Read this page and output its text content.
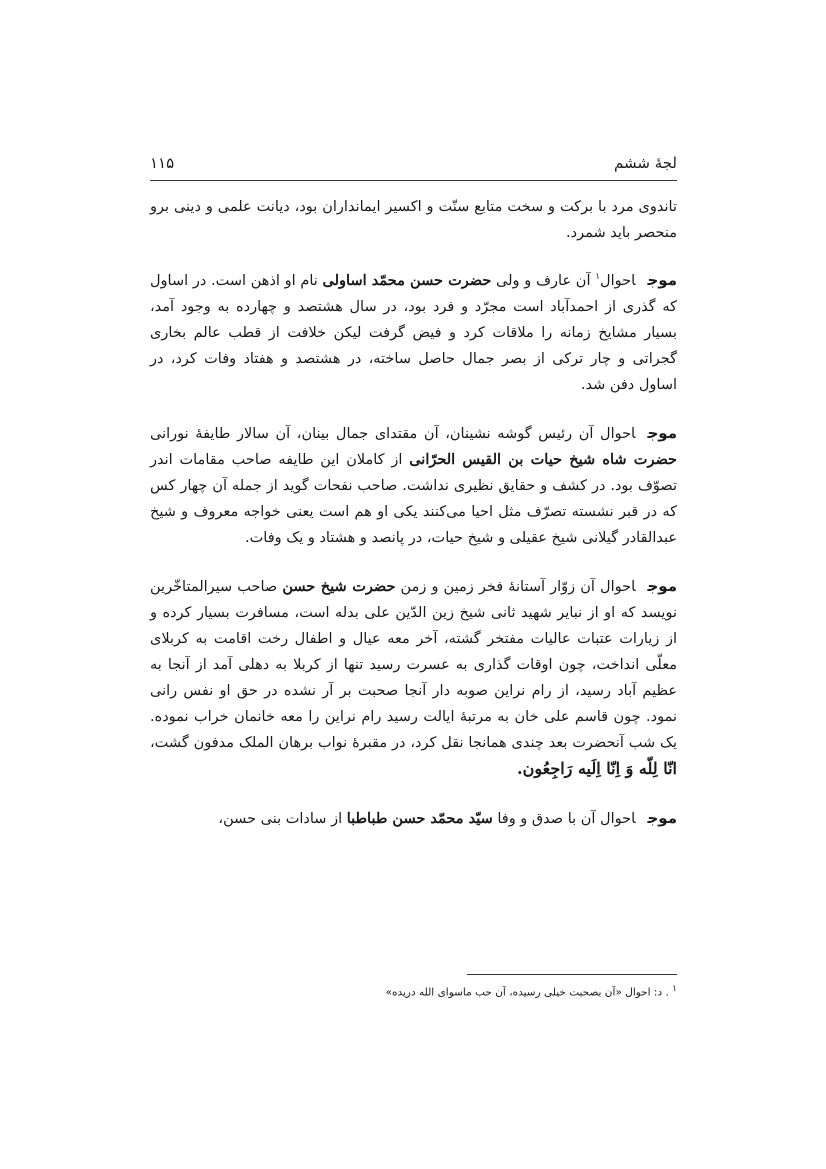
لجهٔ ششم
۱۱۵

تاندوی مرد با برکت و سخت متابع سنّت و اکسیر ایمانداران بود، دیانت علمی و دینی برو منحصر باید شمرد.

موجاحوال$^۱$ آن عارف و ولی حضرت حسن محمّد اساولی نام او اذهن است. در اساول که گذری از احمدآباد است مجرّد و فرد بود، در سال هشتصد و چهارده به وجود آمد، بسیار مشایخ زمانه را ملاقات کرد و فیض گرفت لیکن خلافت از قطب عالم بخاری گجراتی و چار ترکی از بصر جمال حاصل ساخته، در هشتصد و هفتاد وفات کرد، در اساول دفن شد.

موجاحوال آن رئیس گوشه نشینان، آن مقتدای جمال بینان، آن سالار طایفهٔ نورانی حضرت شاه شیخ حیات بن القیس الحرّانی از کاملان این طایفه صاحب مقامات اندر تصوّف بود. در کشف و حقایق نظیری نداشت. صاحب نفحات گوید از جمله آن چهار کس که در قبر نشسته تصرّف مثل احیا می‌کنند یکی او هم است یعنی خواجه معروف و شیخ عبدالقادر گیلانی شیخ عقیلی و شیخ حیات، در پانصد و هشتاد و یک وفات.

موجاحوال آن زوّار آستانهٔ فخر زمین و زمن حضرت شیخ حسن صاحب سیرالمتاخّرین نویسد که او از نبایر شهید ثانی شیخ زین الدّین علی بدله است، مسافرت بسیار کرده و از زیارات عتبات عالیات مفتخر گشته، آخر معه عیال و اطفال رخت اقامت به کربلای معلّی انداخت، چون اوقات گذاری به عسرت رسید تنها از کربلا به دهلی آمد از آنجا به عظیم آباد رسید، از رام نراین صوبه دار آنجا صحبت بر آر نشده در حق او نفس رانی نمود. چون قاسم علی خان به مرتبهٔ ایالت رسید رام نراین را معه خانمان خراب نموده. یک شب آنحضرت بعد چندی همانجا نقل کرد، در مقبرهٔ نواب برهان الملک مدفون گشت، انّا لِلّه وَ اِنّا اِلَیه رَاجِعُون.

موجاحوال آن با صدق و وفا سیّد محمّد حسن طباطبا از سادات بنی حسن،

$^۱$ . د: احوال «آن بصحبت خیلی رسیده، آن حب ماسوای الله دریده»
